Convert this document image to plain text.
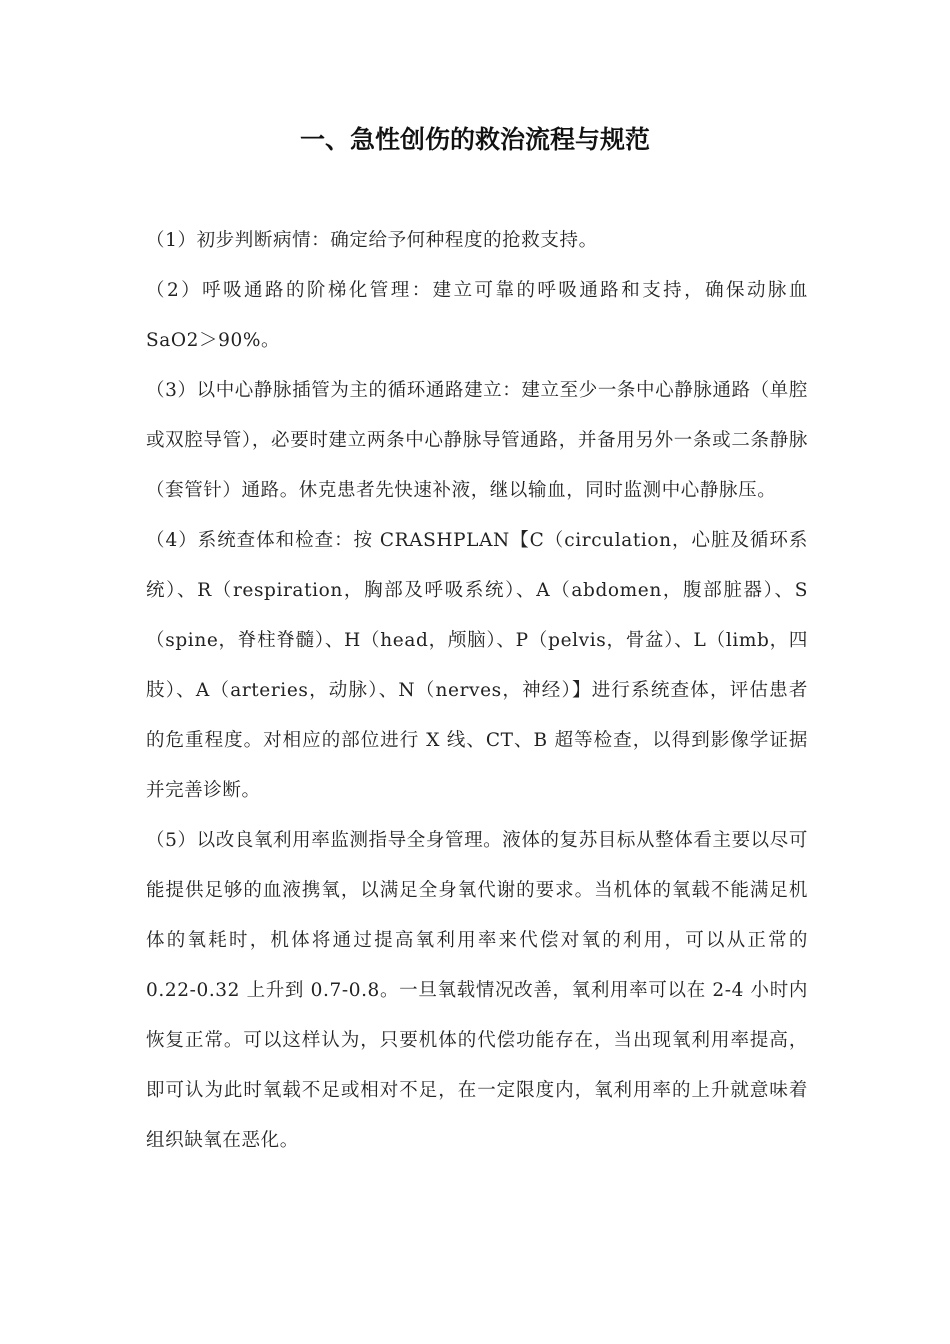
一、急性创伤的救治流程与规范

（1）初步判断病情：确定给予何种程度的抢救支持。

（2）呼吸通路的阶梯化管理：建立可靠的呼吸通路和支持，确保动脉血 SaO2＞90%。

（3）以中心静脉插管为主的循环通路建立：建立至少一条中心静脉通路（单腔或双腔导管），必要时建立两条中心静脉导管通路，并备用另外一条或二条静脉（套管针）通路。休克患者先快速补液，继以输血，同时监测中心静脉压。

（4）系统查体和检查：按 CRASHPLAN【C（circulation，心脏及循环系统）、R（respiration，胸部及呼吸系统）、A（abdomen，腹部脏器）、S（spine，脊柱脊髓）、H（head，颅脑）、P（pelvis，骨盆）、L（limb，四肢）、A（arteries，动脉）、N（nerves，神经）】进行系统查体，评估患者的危重程度。对相应的部位进行 X 线、CT、B 超等检查，以得到影像学证据并完善诊断。

（5）以改良氧利用率监测指导全身管理。液体的复苏目标从整体看主要以尽可能提供足够的血液携氧，以满足全身氧代谢的要求。当机体的氧载不能满足机体的氧耗时，机体将通过提高氧利用率来代偿对氧的利用，可以从正常的 0.22-0.32 上升到 0.7-0.8。一旦氧载情况改善，氧利用率可以在 2-4 小时内恢复正常。可以这样认为，只要机体的代偿功能存在，当出现氧利用率提高，即可认为此时氧载不足或相对不足，在一定限度内，氧利用率的上升就意味着组织缺氧在恶化。
